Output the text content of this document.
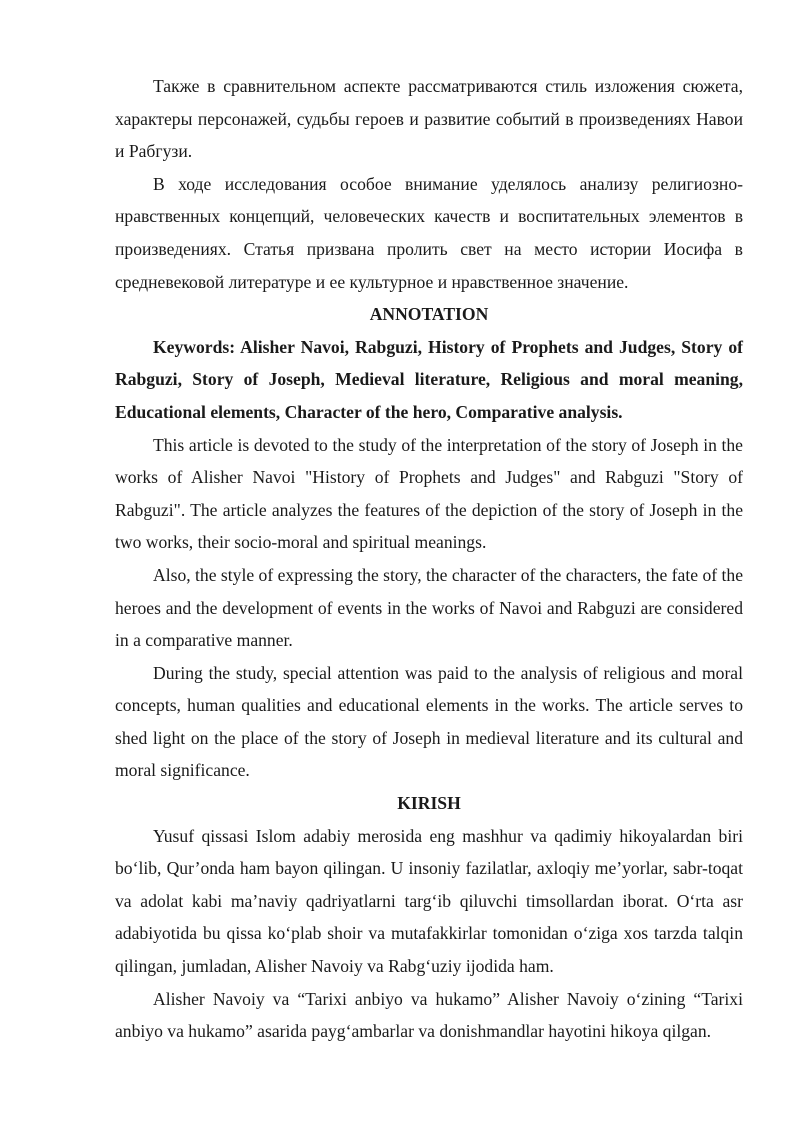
Также в сравнительном аспекте рассматриваются стиль изложения сюжета, характеры персонажей, судьбы героев и развитие событий в произведениях Навои и Рабгузи.

В ходе исследования особое внимание уделялось анализу религиозно-нравственных концепций, человеческих качеств и воспитательных элементов в произведениях. Статья призвана пролить свет на место истории Иосифа в средневековой литературе и ее культурное и нравственное значение.

ANNOTATION

Keywords: Alisher Navoi, Rabguzi, History of Prophets and Judges, Story of Rabguzi, Story of Joseph, Medieval literature, Religious and moral meaning, Educational elements, Character of the hero, Comparative analysis.

This article is devoted to the study of the interpretation of the story of Joseph in the works of Alisher Navoi "History of Prophets and Judges" and Rabguzi "Story of Rabguzi". The article analyzes the features of the depiction of the story of Joseph in the two works, their socio-moral and spiritual meanings.

Also, the style of expressing the story, the character of the characters, the fate of the heroes and the development of events in the works of Navoi and Rabguzi are considered in a comparative manner.

During the study, special attention was paid to the analysis of religious and moral concepts, human qualities and educational elements in the works. The article serves to shed light on the place of the story of Joseph in medieval literature and its cultural and moral significance.

KIRISH

Yusuf qissasi Islom adabiy merosida eng mashhur va qadimiy hikoyalardan biri bo‘lib, Qur’onda ham bayon qilingan. U insoniy fazilatlar, axloqiy me’yorlar, sabr-toqat va adolat kabi ma’naviy qadriyatlarni targ‘ib qiluvchi timsollardan iborat. O‘rta asr adabiyotida bu qissa ko‘plab shoir va mutafakkirlar tomonidan o‘ziga xos tarzda talqin qilingan, jumladan, Alisher Navoiy va Rabg‘uziy ijodida ham.

Alisher Navoiy va “Tarixi anbiyo va hukamo” Alisher Navoiy o‘zining “Tarixi anbiyo va hukamo” asarida payg‘ambarlar va donishmandlar hayotini hikoya qilgan.
